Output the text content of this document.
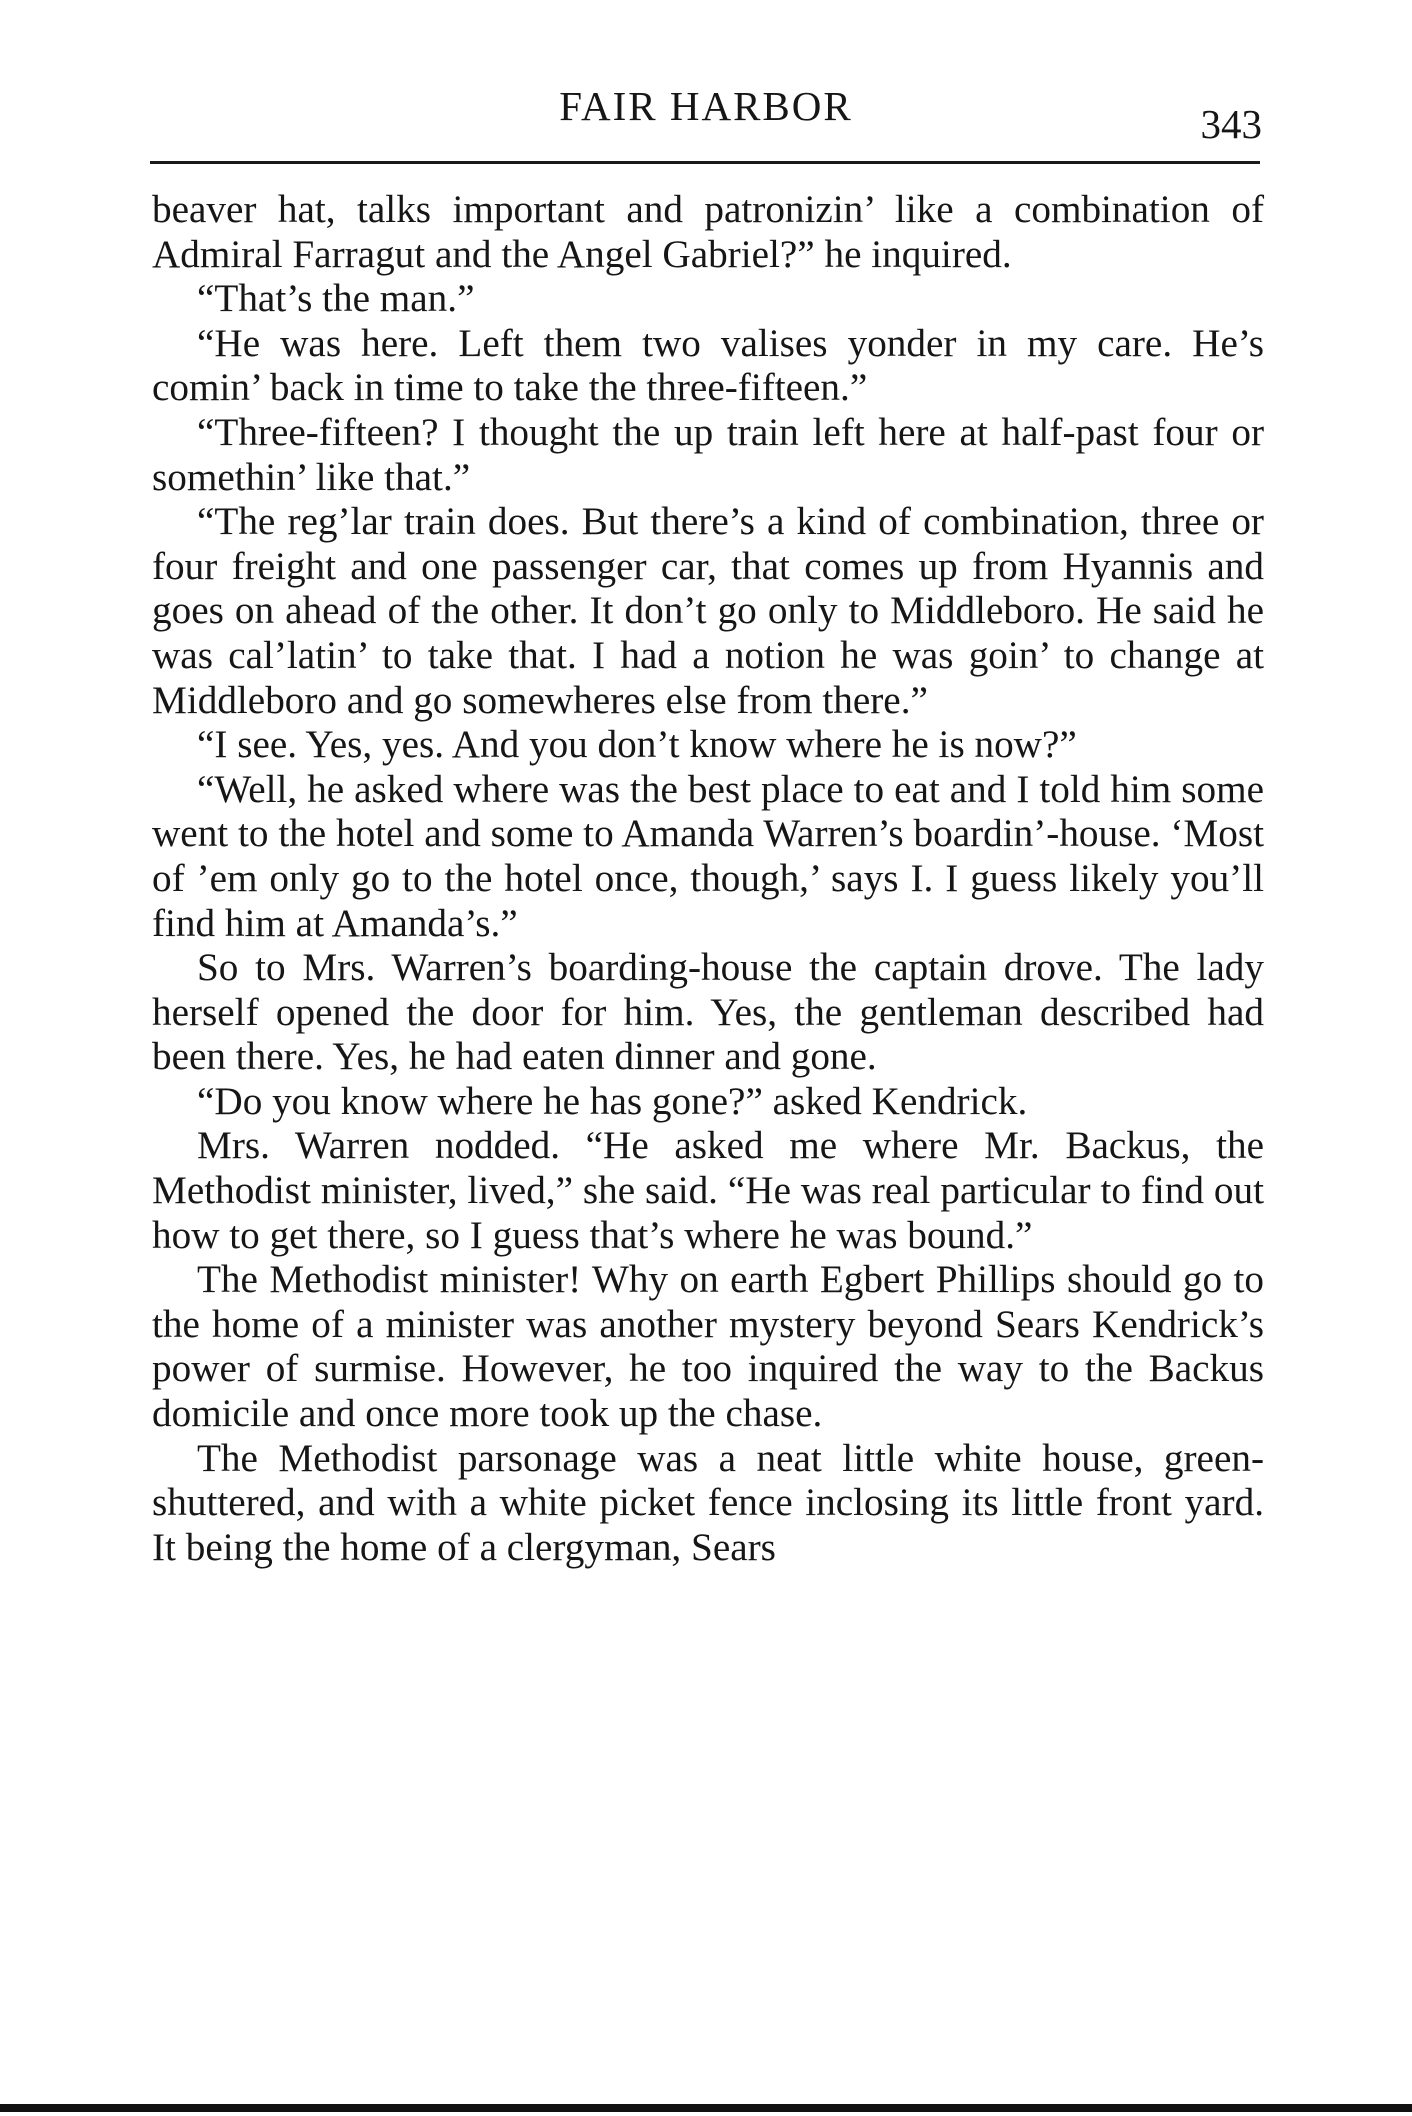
FAIR HARBOR	343

beaver hat, talks important and patronizin’ like a combination of Admiral Farragut and the Angel Gabriel?” he inquired.

“That’s the man.”

“He was here. Left them two valises yonder in my care. He’s comin’ back in time to take the three-fifteen.”

“Three-fifteen? I thought the up train left here at half-past four or somethin’ like that.”

“The reg’lar train does. But there’s a kind of combination, three or four freight and one passenger car, that comes up from Hyannis and goes on ahead of the other. It don’t go only to Middleboro. He said he was cal’latin’ to take that. I had a notion he was goin’ to change at Middleboro and go somewheres else from there.”

“I see. Yes, yes. And you don’t know where he is now?”

“Well, he asked where was the best place to eat and I told him some went to the hotel and some to Amanda Warren’s boardin’-house. ‘Most of ’em only go to the hotel once, though,’ says I. I guess likely you’ll find him at Amanda’s.”

So to Mrs. Warren’s boarding-house the captain drove. The lady herself opened the door for him. Yes, the gentleman described had been there. Yes, he had eaten dinner and gone.

“Do you know where he has gone?” asked Kendrick.

Mrs. Warren nodded. “He asked me where Mr. Backus, the Methodist minister, lived,” she said. “He was real particular to find out how to get there, so I guess that’s where he was bound.”

The Methodist minister! Why on earth Egbert Phillips should go to the home of a minister was another mystery beyond Sears Kendrick’s power of surmise. However, he too inquired the way to the Backus domicile and once more took up the chase.

The Methodist parsonage was a neat little white house, green-shuttered, and with a white picket fence inclosing its little front yard. It being the home of a clergyman, Sears
